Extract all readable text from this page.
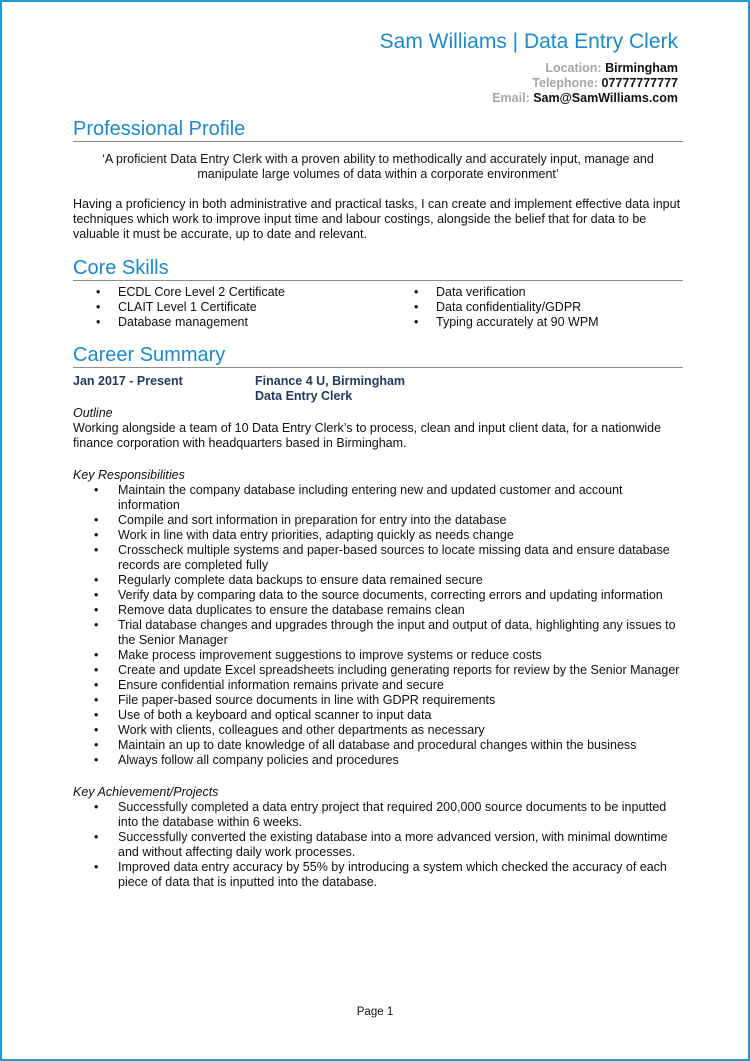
Sam Williams | Data Entry Clerk
Location: Birmingham
Telephone: 07777777777
Email: Sam@SamWilliams.com
Professional Profile
‘A proficient Data Entry Clerk with a proven ability to methodically and accurately input, manage and manipulate large volumes of data within a corporate environment’
Having a proficiency in both administrative and practical tasks, I can create and implement effective data input techniques which work to improve input time and labour costings, alongside the belief that for data to be valuable it must be accurate, up to date and relevant.
Core Skills
• ECDL Core Level 2 Certificate
• CLAIT Level 1 Certificate
• Database management
• Data verification
• Data confidentiality/GDPR
• Typing accurately at 90 WPM
Career Summary
Jan 2017 - Present	Finance 4 U, Birmingham
Data Entry Clerk
Outline
Working alongside a team of 10 Data Entry Clerk’s to process, clean and input client data, for a nationwide finance corporation with headquarters based in Birmingham.
Key Responsibilities
• Maintain the company database including entering new and updated customer and account information
• Compile and sort information in preparation for entry into the database
• Work in line with data entry priorities, adapting quickly as needs change
• Crosscheck multiple systems and paper-based sources to locate missing data and ensure database records are completed fully
• Regularly complete data backups to ensure data remained secure
• Verify data by comparing data to the source documents, correcting errors and updating information
• Remove data duplicates to ensure the database remains clean
• Trial database changes and upgrades through the input and output of data, highlighting any issues to the Senior Manager
• Make process improvement suggestions to improve systems or reduce costs
• Create and update Excel spreadsheets including generating reports for review by the Senior Manager
• Ensure confidential information remains private and secure
• File paper-based source documents in line with GDPR requirements
• Use of both a keyboard and optical scanner to input data
• Work with clients, colleagues and other departments as necessary
• Maintain an up to date knowledge of all database and procedural changes within the business
• Always follow all company policies and procedures
Key Achievement/Projects
• Successfully completed a data entry project that required 200,000 source documents to be inputted into the database within 6 weeks.
• Successfully converted the existing database into a more advanced version, with minimal downtime and without affecting daily work processes.
• Improved data entry accuracy by 55% by introducing a system which checked the accuracy of each piece of data that is inputted into the database.
Page 1
